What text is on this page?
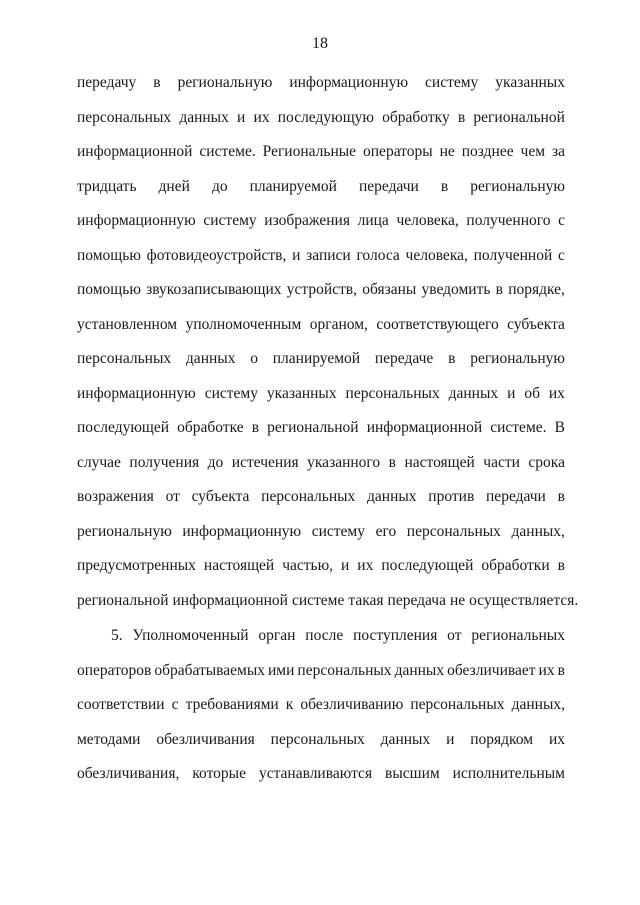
18
передачу в региональную информационную систему указанных
персональных данных и их последующую обработку в региональной
информационной системе. Региональные операторы не позднее чем за
тридцать дней до планируемой передачи в региональную
информационную систему изображения лица человека, полученного с
помощью фотовидеоустройств, и записи голоса человека, полученной с
помощью звукозаписывающих устройств, обязаны уведомить в порядке,
установленном уполномоченным органом, соответствующего субъекта
персональных данных о планируемой передаче в региональную
информационную систему указанных персональных данных и об их
последующей обработке в региональной информационной системе. В
случае получения до истечения указанного в настоящей части срока
возражения от субъекта персональных данных против передачи в
региональную информационную систему его персональных данных,
предусмотренных настоящей частью, и их последующей обработки в
региональной информационной системе такая передача не осуществляется.
5. Уполномоченный орган после поступления от региональных
операторов обрабатываемых ими персональных данных обезличивает их в
соответствии с требованиями к обезличиванию персональных данных,
методами обезличивания персональных данных и порядком их
обезличивания, которые устанавливаются высшим исполнительным
